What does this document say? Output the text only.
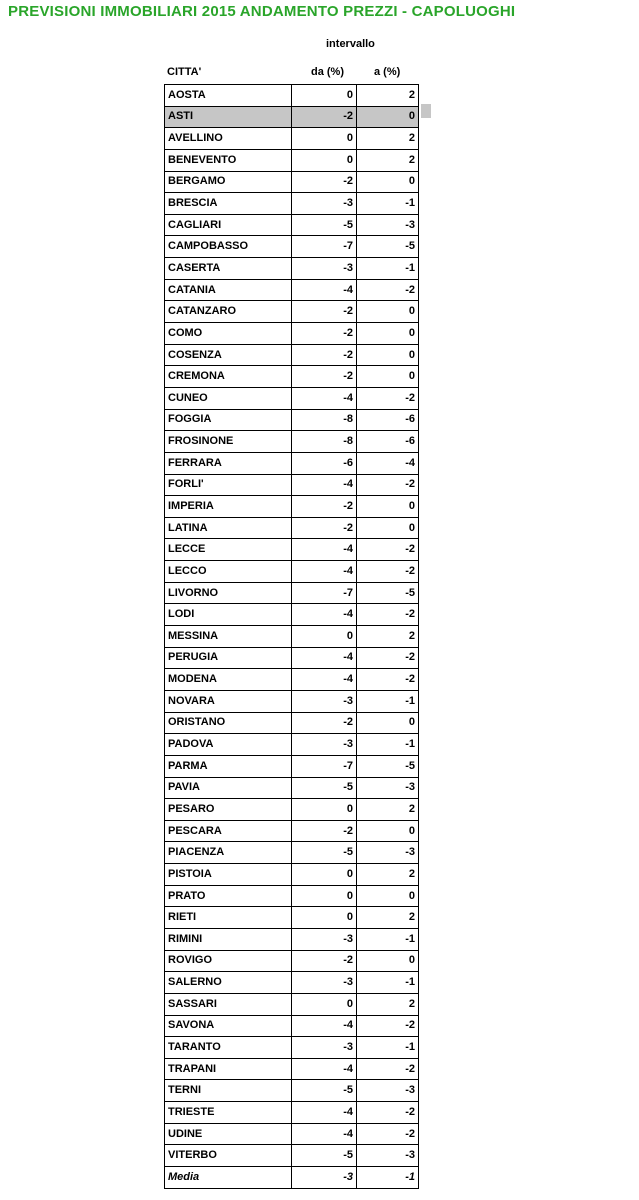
PREVISIONI IMMOBILIARI 2015 ANDAMENTO PREZZI - CAPOLUOGHI
intervallo
CITTA'	da (%)	a (%)
AOSTA	0	2
ASTI	-2	0
AVELLINO	0	2
BENEVENTO	0	2
BERGAMO	-2	0
BRESCIA	-3	-1
CAGLIARI	-5	-3
CAMPOBASSO	-7	-5
CASERTA	-3	-1
CATANIA	-4	-2
CATANZARO	-2	0
COMO	-2	0
COSENZA	-2	0
CREMONA	-2	0
CUNEO	-4	-2
FOGGIA	-8	-6
FROSINONE	-8	-6
FERRARA	-6	-4
FORLI'	-4	-2
IMPERIA	-2	0
LATINA	-2	0
LECCE	-4	-2
LECCO	-4	-2
LIVORNO	-7	-5
LODI	-4	-2
MESSINA	0	2
PERUGIA	-4	-2
MODENA	-4	-2
NOVARA	-3	-1
ORISTANO	-2	0
PADOVA	-3	-1
PARMA	-7	-5
PAVIA	-5	-3
PESARO	0	2
PESCARA	-2	0
PIACENZA	-5	-3
PISTOIA	0	2
PRATO	0	0
RIETI	0	2
RIMINI	-3	-1
ROVIGO	-2	0
SALERNO	-3	-1
SASSARI	0	2
SAVONA	-4	-2
TARANTO	-3	-1
TRAPANI	-4	-2
TERNI	-5	-3
TRIESTE	-4	-2
UDINE	-4	-2
VITERBO	-5	-3
Media	-3	-1
